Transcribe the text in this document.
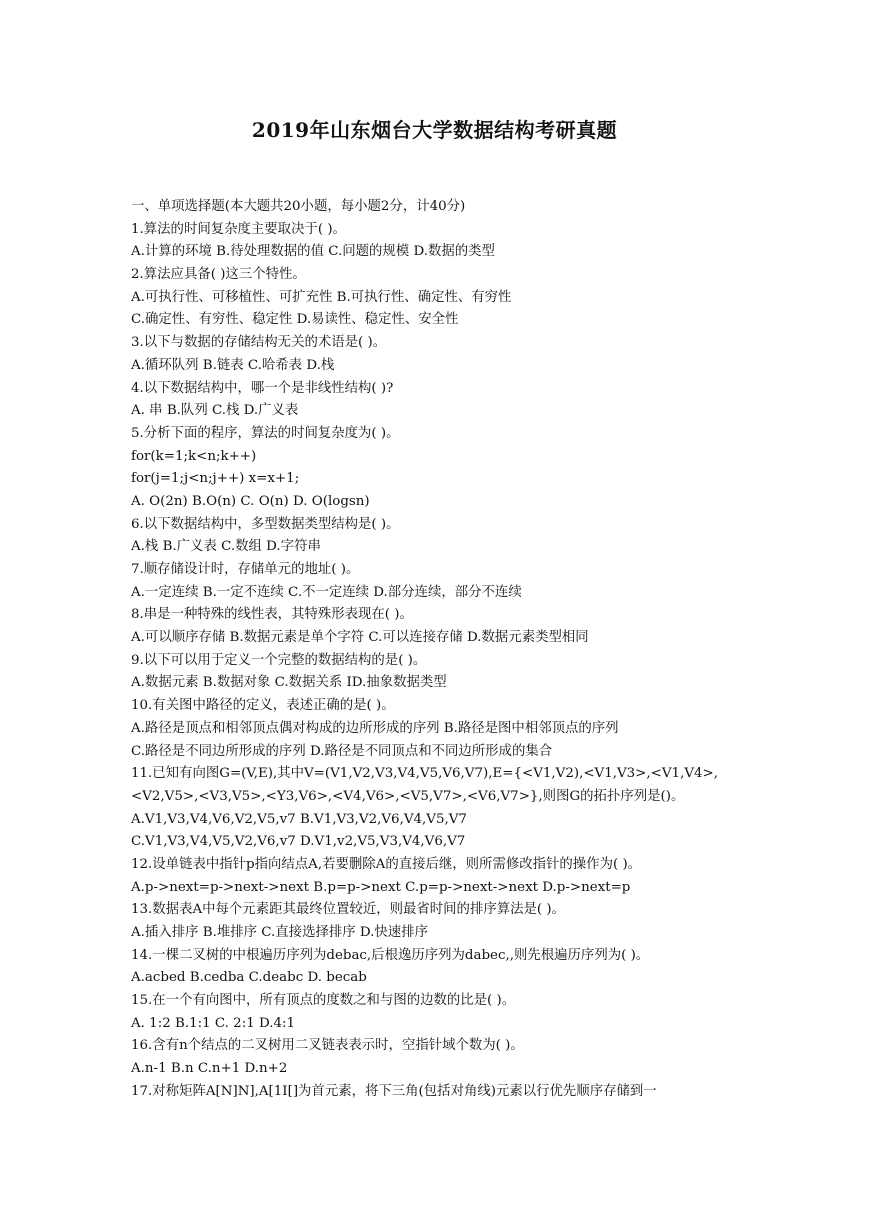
2019年山东烟台大学数据结构考研真题
一、单项选择题(本大题共20小题，每小题2分，计40分)
1.算法的时间复杂度主要取决于( )。
A.计算的环境 B.待处理数据的值 C.问题的规模 D.数据的类型
2.算法应具备( )这三个特性。
A.可执行性、可移植性、可扩充性 B.可执行性、确定性、有穷性
C.确定性、有穷性、稳定性 D.易读性、稳定性、安全性
3.以下与数据的存储结构无关的术语是( )。
A.循环队列 B.链表 C.哈希表 D.栈
4.以下数据结构中，哪一个是非线性结构( )?
A. 串 B.队列 C.栈 D.广义表
5.分析下面的程序，算法的时间复杂度为( )。
for(k=1;k<n;k++)
for(j=1;j<n;j++) x=x+1;
A. O(2n) B.O(n) C. O(n) D. O(logsn)
6.以下数据结构中，多型数据类型结构是( )。
A.栈 B.广义表 C.数组 D.字符串
7.顺存储设计时，存储单元的地址( )。
A.一定连续 B.一定不连续 C.不一定连续 D.部分连续，部分不连续
8.串是一种特殊的线性表，其特殊形表现在( )。
A.可以顺序存储 B.数据元素是单个字符 C.可以连接存储 D.数据元素类型相同
9.以下可以用于定义一个完整的数据结构的是( )。
A.数据元素 B.数据对象 C.数据关系 ID.抽象数据类型
10.有关图中路径的定义，表述正确的是( )。
A.路径是顶点和相邻顶点偶对构成的边所形成的序列 B.路径是图中相邻顶点的序列
C.路径是不同边所形成的序列 D.路径是不同顶点和不同边所形成的集合
11.已知有向图G=(V,E),其中V=(V1,V2,V3,V4,V5,V6,V7),E={<V1,V2),<V1,V3>,<V1,V4>,
<V2,V5>,<V3,V5>,<Y3,V6>,<V4,V6>,<V5,V7>,<V6,V7>},则图G的拓扑序列是()。
A.V1,V3,V4,V6,V2,V5,v7 B.V1,V3,V2,V6,V4,V5,V7
C.V1,V3,V4,V5,V2,V6,v7 D.V1,v2,V5,V3,V4,V6,V7
12.设单链表中指针p指向结点A,若要删除A的直接后继，则所需修改指针的操作为( )。
A.p->next=p->next->next B.p=p->next C.p=p->next->next D.p->next=p
13.数据表A中每个元素距其最终位置较近，则最省时间的排序算法是( )。
A.插入排序 B.堆排序 C.直接选择排序 D.快速排序
14.一棵二叉树的中根遍历序列为debac,后根逸历序列为dabec,,则先根遍历序列为( )。
A.acbed B.cedba C.deabc D. becab
15.在一个有向图中，所有顶点的度数之和与图的边数的比是( )。
A. 1:2 B.1:1 C. 2:1 D.4:1
16.含有n个结点的二叉树用二叉链表表示时，空指针域个数为( )。
A.n-1 B.n C.n+1 D.n+2
17.对称矩阵A[N]N],A[1I[]为首元素，将下三角(包括对角线)元素以行优先顺序存储到一
